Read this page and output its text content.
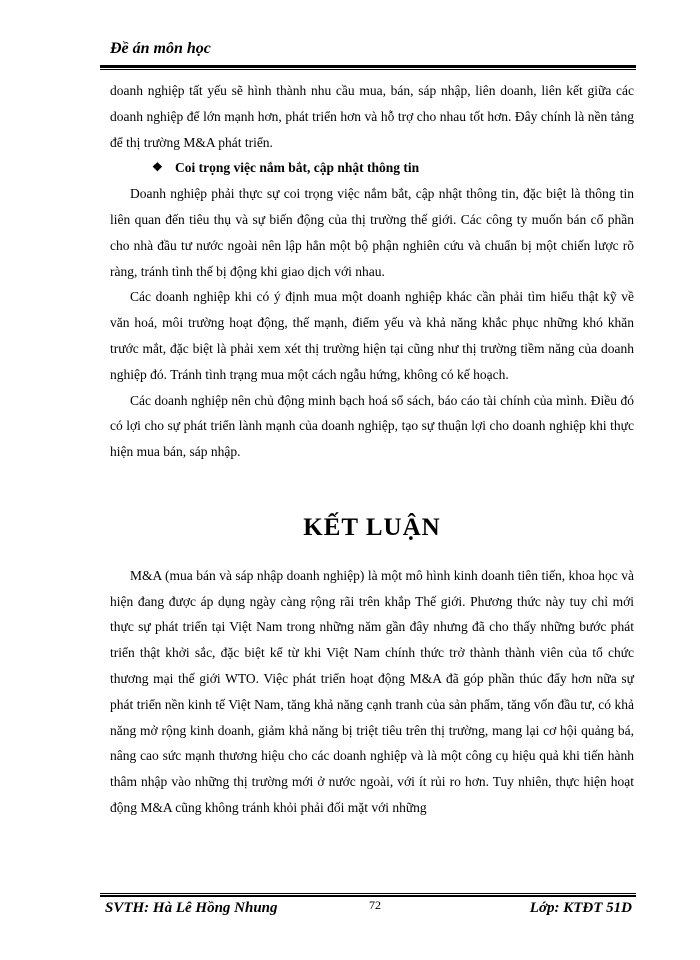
Đề án môn học

doanh nghiệp tất yếu sẽ hình thành nhu cầu mua, bán, sáp nhập, liên doanh, liên kết giữa các doanh nghiệp để lớn mạnh hơn, phát triển hơn và hỗ trợ cho nhau tốt hơn. Đây chính là nền tảng để thị trường M&A phát triển.

❖ Coi trọng việc nắm bắt, cập nhật thông tin

Doanh nghiệp phải thực sự coi trọng việc nắm bắt, cập nhật thông tin, đặc biệt là thông tin liên quan đến tiêu thụ và sự biến động của thị trường thế giới. Các công ty muốn bán cổ phần cho nhà đầu tư nước ngoài nên lập hẳn một bộ phận nghiên cứu và chuẩn bị một chiến lược rõ ràng, tránh tình thế bị động khi giao dịch với nhau.

Các doanh nghiệp khi có ý định mua một doanh nghiệp khác cần phải tìm hiểu thật kỹ về văn hoá, môi trường hoạt động, thế mạnh, điểm yếu và khả năng khắc phục những khó khăn trước mắt, đặc biệt là phải xem xét thị trường hiện tại cũng như thị trường tiềm năng của doanh nghiệp đó. Tránh tình trạng mua một cách ngẫu hứng, không có kế hoạch.

Các doanh nghiệp nên chủ động minh bạch hoá sổ sách, báo cáo tài chính của mình. Điều đó có lợi cho sự phát triển lành mạnh của doanh nghiệp, tạo sự thuận lợi cho doanh nghiệp khi thực hiện mua bán, sáp nhập.

KẾT LUẬN

M&A (mua bán và sáp nhập doanh nghiệp) là một mô hình kinh doanh tiên tiến, khoa học và hiện đang được áp dụng ngày càng rộng rãi trên khắp Thế giới. Phương thức này tuy chỉ mới thực sự phát triển tại Việt Nam trong những năm gần đây nhưng đã cho thấy những bước phát triển thật khởi sắc, đặc biệt kể từ khi Việt Nam chính thức trở thành thành viên của tổ chức thương mại thế giới WTO. Việc phát triển hoạt động M&A đã góp phần thúc đẩy hơn nữa sự phát triển nền kinh tế Việt Nam, tăng khả năng cạnh tranh của sản phẩm, tăng vốn đầu tư, có khả năng mở rộng kinh doanh, giảm khả năng bị triệt tiêu trên thị trường, mang lại cơ hội quảng bá, nâng cao sức mạnh thương hiệu cho các doanh nghiệp và là một công cụ hiệu quả khi tiến hành thâm nhập vào những thị trường mới ở nước ngoài, với ít rủi ro hơn. Tuy nhiên, thực hiện hoạt động M&A cũng không tránh khỏi phải đối mặt với những

SVTH: Hà Lê Hồng Nhung	72	Lớp: KTĐT 51D
